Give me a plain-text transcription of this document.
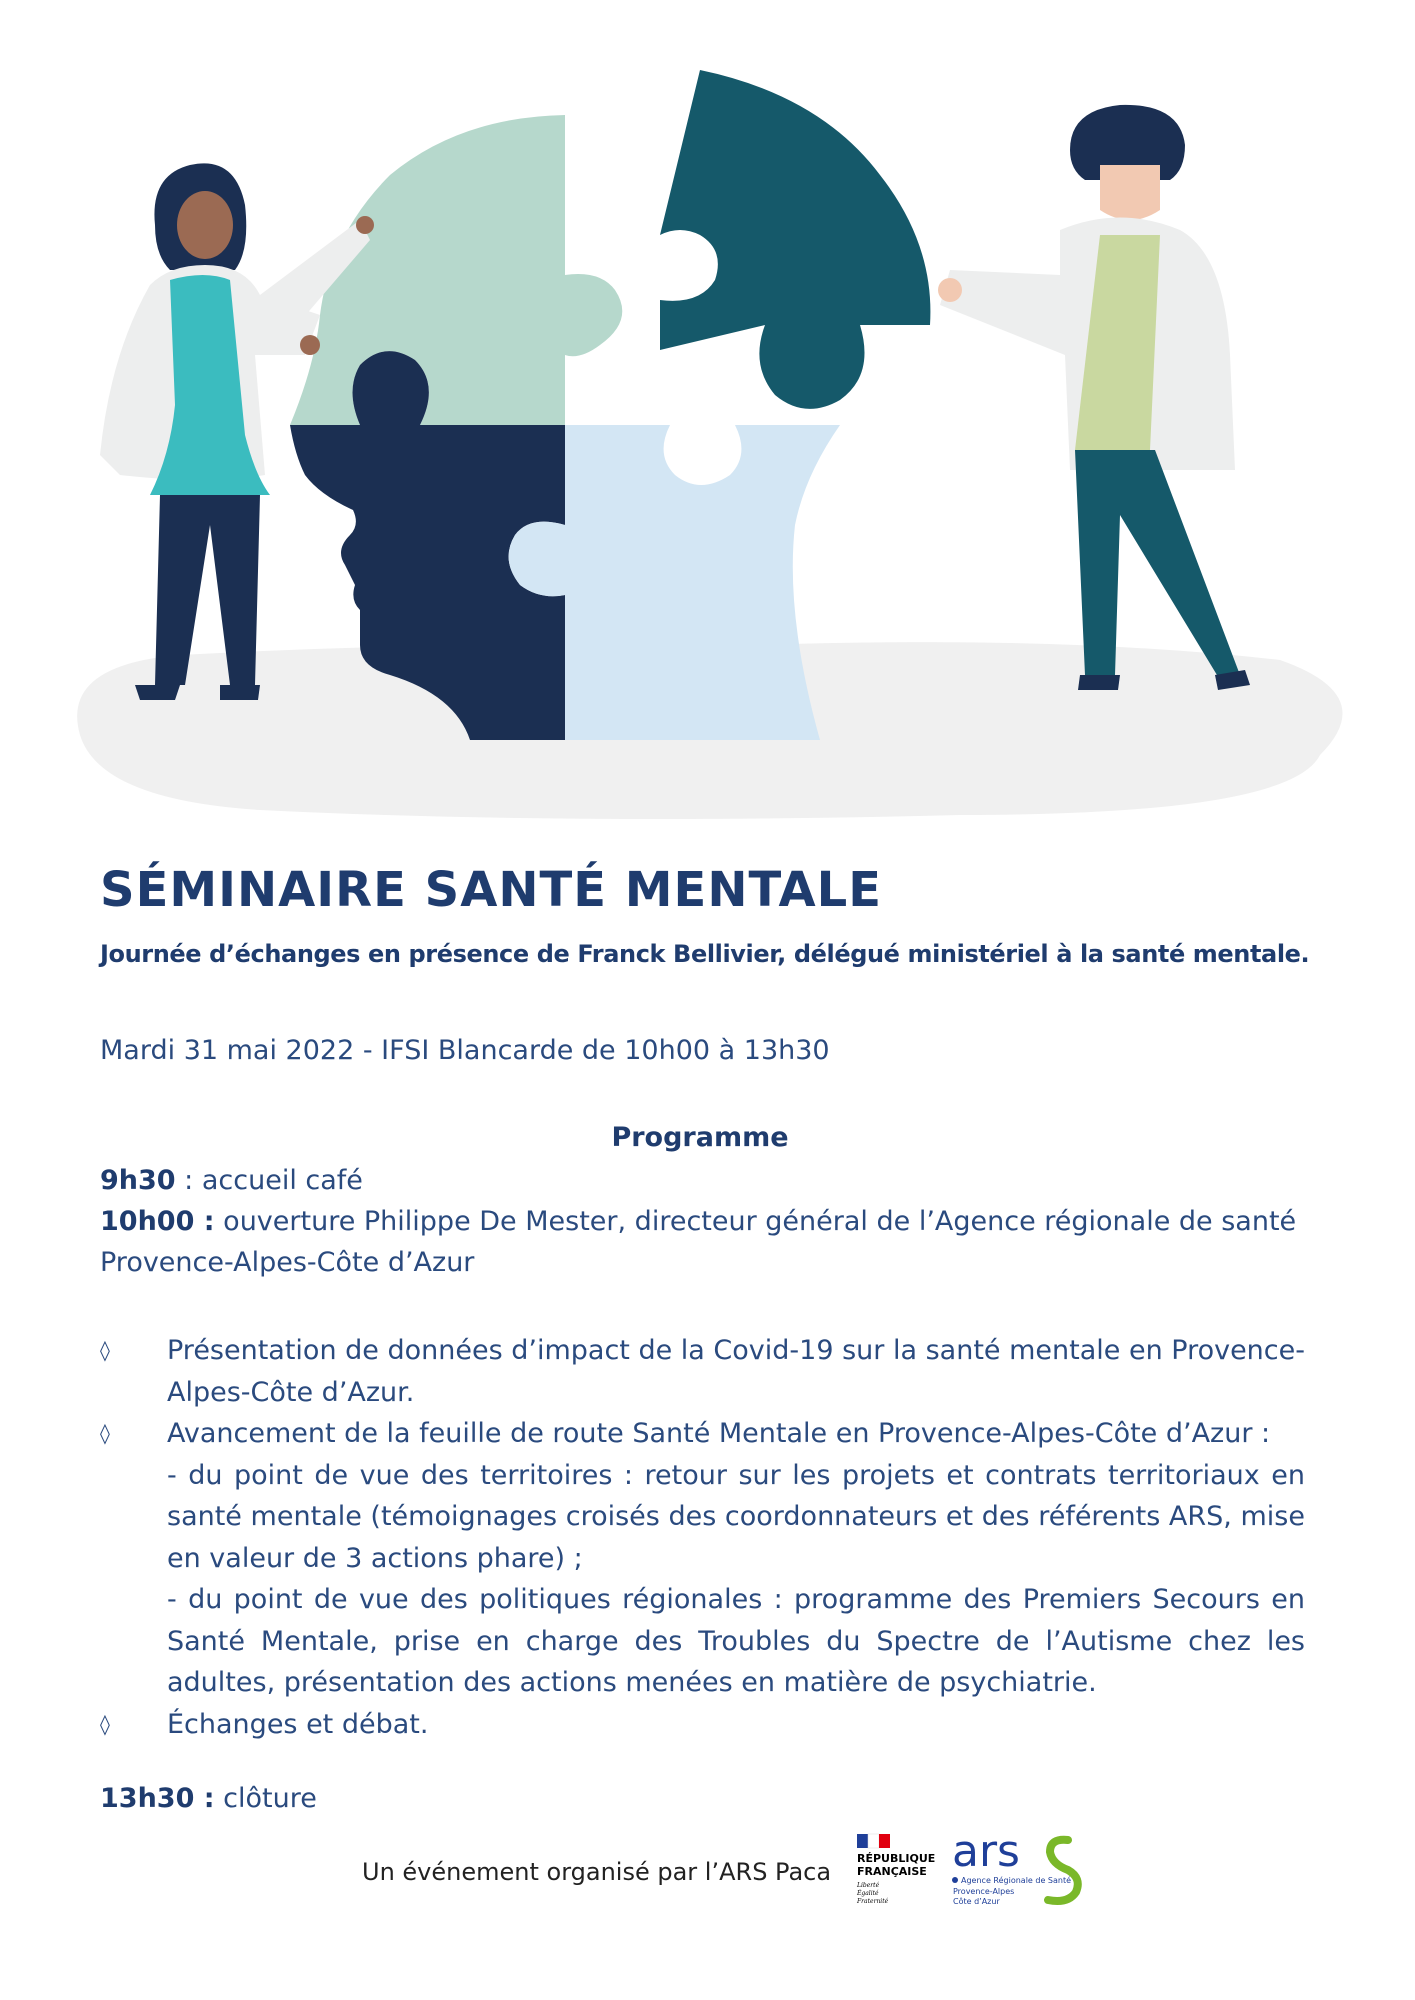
SÉMINAIRE SANTÉ MENTALE

Journée d’échanges en présence de Franck Bellivier, délégué ministériel à la santé mentale.

Mardi 31 mai 2022 - IFSI Blancarde de 10h00 à 13h30

Programme

9h30 : accueil café

10h00 : ouverture Philippe De Mester, directeur général de l’Agence régionale de santé Provence-Alpes-Côte d’Azur

◊ Présentation de données d’impact de la Covid-19 sur la santé mentale en Provence-Alpes-Côte d’Azur.
◊ Avancement de la feuille de route Santé Mentale en Provence-Alpes-Côte d’Azur :
- du point de vue des territoires : retour sur les projets et contrats territoriaux en santé mentale (témoignages croisés des coordonnateurs et des référents ARS, mise en valeur de 3 actions phare) ;
- du point de vue des politiques régionales : programme des Premiers Secours en Santé Mentale, prise en charge des Troubles du Spectre de l’Autisme chez les adultes, présentation des actions menées en matière de psychiatrie.
◊ Échanges et débat.

13h30 : clôture

Un événement organisé par l’ARS Paca RÉPUBLIQUE
FRANÇAISE
Liberté
Égalité
Fraternité
ars
Agence Régionale de Santé
Provence-Alpes
Côte d’Azur
